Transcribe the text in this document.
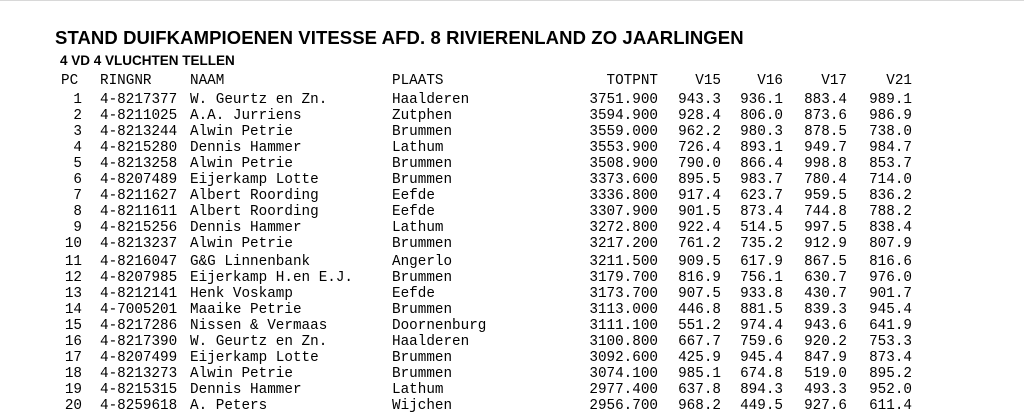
STAND DUIFKAMPIOENEN VITESSE AFD. 8 RIVIERENLAND ZO JAARLINGEN
4 VD 4 VLUCHTEN TELLEN
PC RINGNR	NAAM	PLAATS	TOTPNT	V15	V16	V17	V21
1 4-8217377 W. Geurtz en Zn.	Haalderen	3751.900	943.3	936.1	883.4	989.1
2 4-8211025 A.A. Jurriens	Zutphen	3594.900	928.4	806.0	873.6	986.9
3 4-8213244 Alwin Petrie	Brummen	3559.000	962.2	980.3	878.5	738.0
4 4-8215280 Dennis Hammer	Lathum	3553.900	726.4	893.1	949.7	984.7
5 4-8213258 Alwin Petrie	Brummen	3508.900	790.0	866.4	998.8	853.7
6 4-8207489 Eijerkamp Lotte	Brummen	3373.600	895.5	983.7	780.4	714.0
7 4-8211627 Albert Roording	Eefde	3336.800	917.4	623.7	959.5	836.2
8 4-8211611 Albert Roording	Eefde	3307.900	901.5	873.4	744.8	788.2
9 4-8215256 Dennis Hammer	Lathum	3272.800	922.4	514.5	997.5	838.4
10 4-8213237 Alwin Petrie	Brummen	3217.200	761.2	735.2	912.9	807.9
11 4-8216047 G&G Linnenbank	Angerlo	3211.500	909.5	617.9	867.5	816.6
12 4-8207985 Eijerkamp H.en E.J.	Brummen	3179.700	816.9	756.1	630.7	976.0
13 4-8212141 Henk Voskamp	Eefde	3173.700	907.5	933.8	430.7	901.7
14 4-7005201 Maaike Petrie	Brummen	3113.000	446.8	881.5	839.3	945.4
15 4-8217286 Nissen & Vermaas	Doornenburg	3111.100	551.2	974.4	943.6	641.9
16 4-8217390 W. Geurtz en Zn.	Haalderen	3100.800	667.7	759.6	920.2	753.3
17 4-8207499 Eijerkamp Lotte	Brummen	3092.600	425.9	945.4	847.9	873.4
18 4-8213273 Alwin Petrie	Brummen	3074.100	985.1	674.8	519.0	895.2
19 4-8215315 Dennis Hammer	Lathum	2977.400	637.8	894.3	493.3	952.0
20 4-8259618 A. Peters	Wijchen	2956.700	968.2	449.5	927.6	611.4
